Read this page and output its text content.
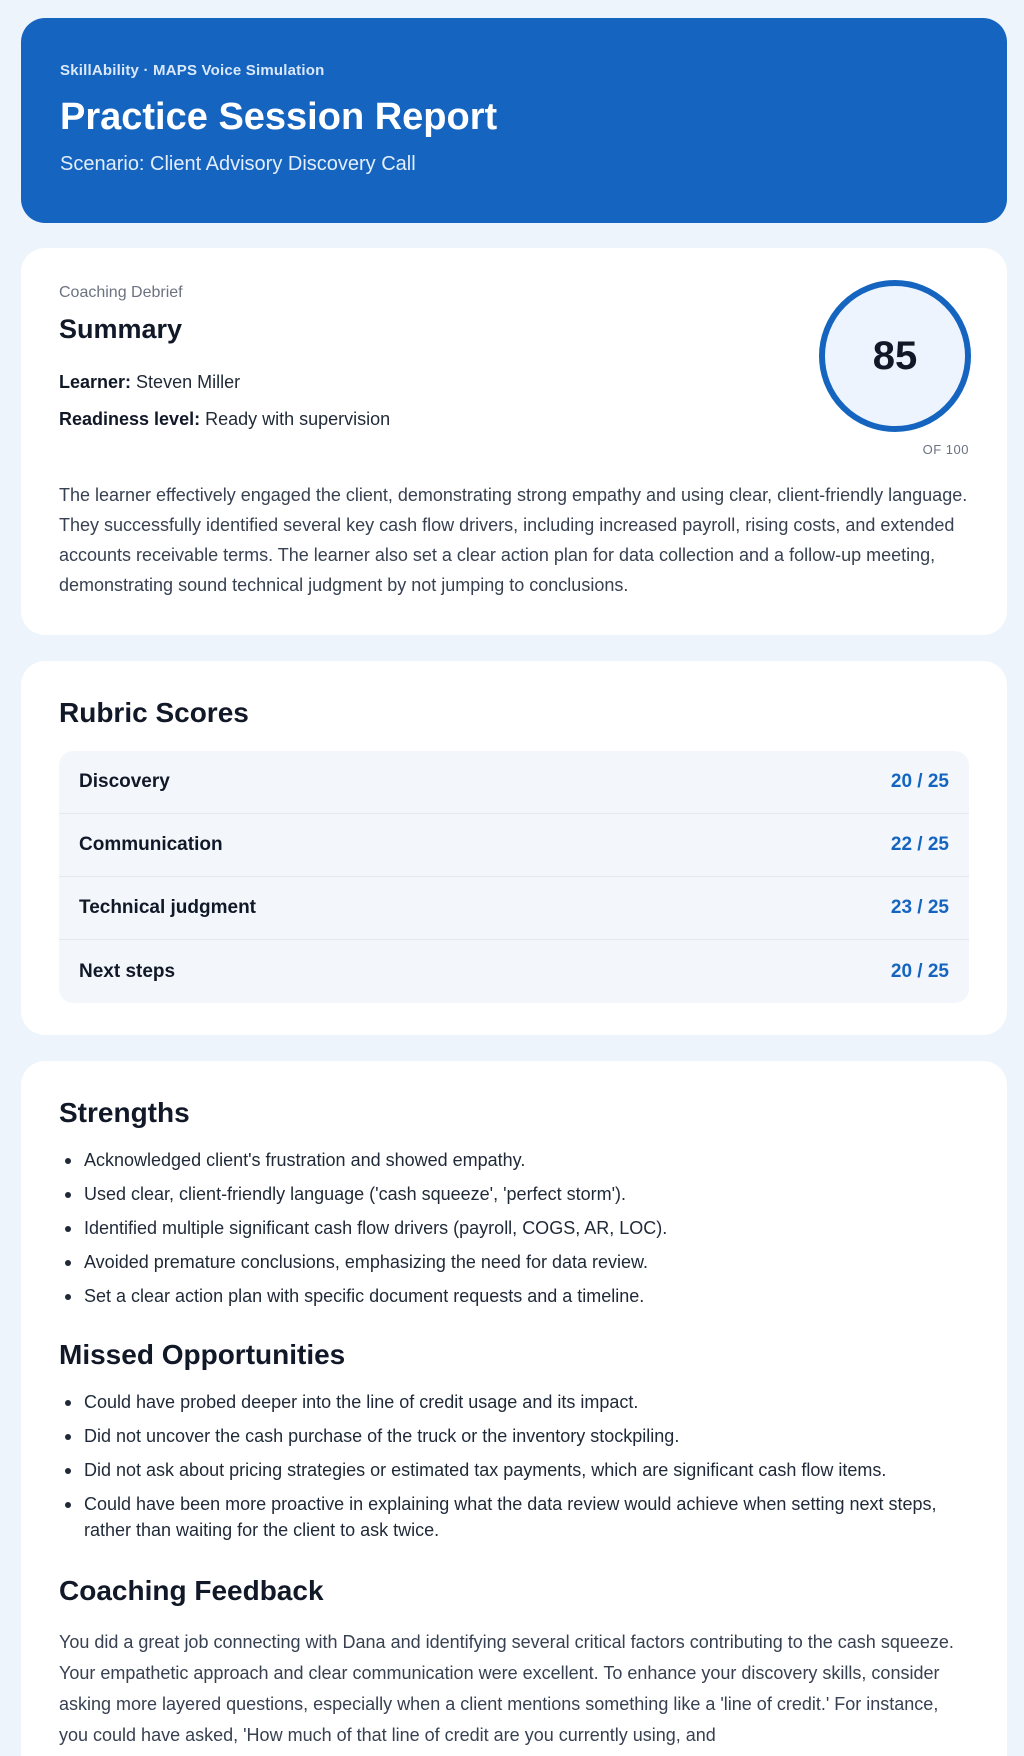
SkillAbility · MAPS Voice Simulation
Practice Session Report
Scenario: Client Advisory Discovery Call
Coaching Debrief
Summary
Learner: Steven Miller
Readiness level: Ready with supervision
85
OF 100

The learner effectively engaged the client, demonstrating strong empathy and using clear, client-friendly language. They successfully identified several key cash flow drivers, including increased payroll, rising costs, and extended accounts receivable terms. The learner also set a clear action plan for data collection and a follow-up meeting, demonstrating sound technical judgment by not jumping to conclusions.

Rubric Scores
Discovery	20 / 25
Communication	22 / 25
Technical judgment	23 / 25
Next steps	20 / 25
Strengths
Acknowledged client's frustration and showed empathy.
Used clear, client-friendly language ('cash squeeze', 'perfect storm').
Identified multiple significant cash flow drivers (payroll, COGS, AR, LOC).
Avoided premature conclusions, emphasizing the need for data review.
Set a clear action plan with specific document requests and a timeline.
Missed Opportunities
Could have probed deeper into the line of credit usage and its impact.
Did not uncover the cash purchase of the truck or the inventory stockpiling.
Did not ask about pricing strategies or estimated tax payments, which are significant cash flow items.
Could have been more proactive in explaining what the data review would achieve when setting next steps, rather than waiting for the client to ask twice.
Coaching Feedback

You did a great job connecting with Dana and identifying several critical factors contributing to the cash squeeze. Your empathetic approach and clear communication were excellent. To enhance your discovery skills, consider asking more layered questions, especially when a client mentions something like a 'line of credit.' For instance, you could have asked, 'How much of that line of credit are you currently using, and
